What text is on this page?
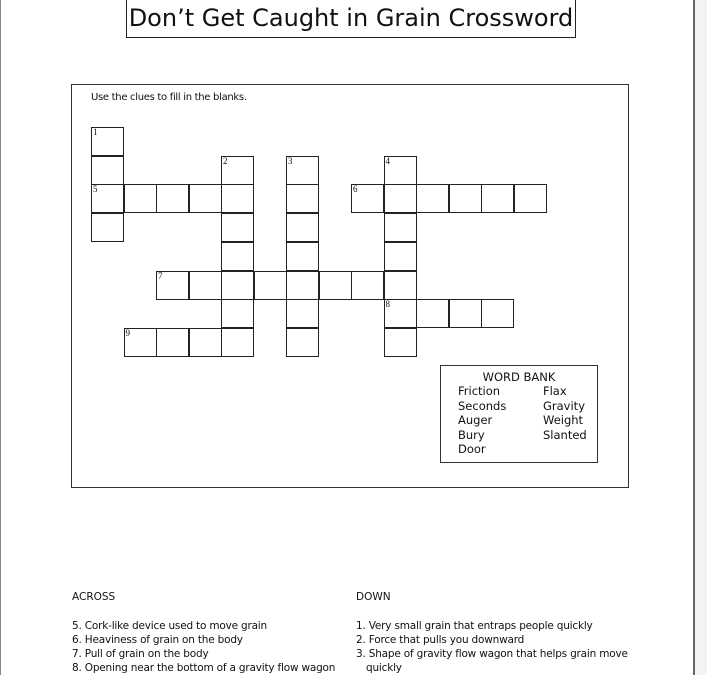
Don’t Get Caught in Grain Crossword
Use the clues to fill in the blanks.
1
5
2	3	4
8
6
7
9
WORD BANK
Friction
Seconds
Auger
Bury
Door
Flax
Gravity
Weight
Slanted
ACROSS
5. Cork-like device used to move grain
6. Heaviness of grain on the body
7. Pull of grain on the body
8. Opening near the bottom of a gravity flow wagon
DOWN
1. Very small grain that entraps people quickly
2. Force that pulls you downward
3. Shape of gravity flow wagon that helps grain move
quickly
